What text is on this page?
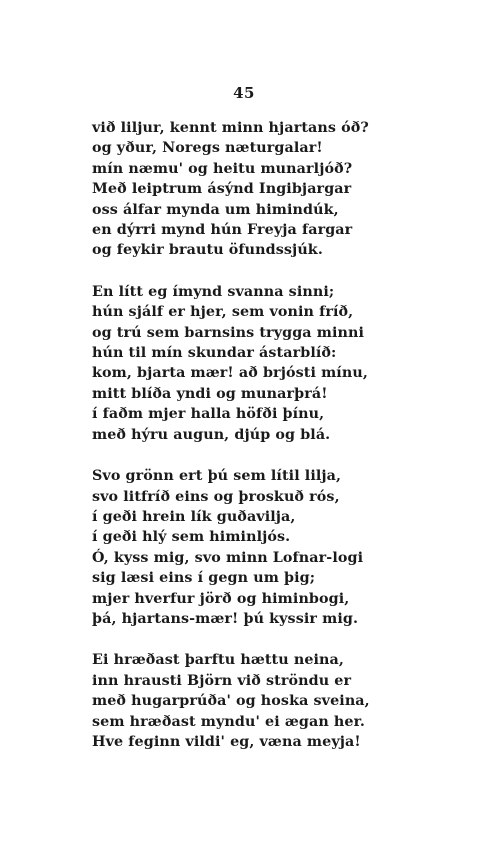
45
við liljur, kennt minn hjartans óð?
og yður, Noregs næturgalar!
mín næmu' og heitu munarljóð?
Með leiptrum ásýnd Ingibjargar
oss álfar mynda um himindúk,
en dýrri mynd hún Freyja fargar
og feykir brautu öfundssjúk.
En lítt eg ímynd svanna sinni;
hún sjálf er hjer, sem vonin fríð,
og trú sem barnsins trygga minni
hún til mín skundar ástarblíð:
kom, bjarta mær! að brjósti mínu,
mitt blíða yndi og munarþrá!
í faðm mjer halla höfði þínu,
með hýru augun, djúp og blá.
Svo grönn ert þú sem lítil lilja,
svo litfríð eins og þroskuð rós,
í geði hrein lík guðavilja,
í geði hlý sem himinljós.
Ó, kyss mig, svo minn Lofnar-logi
sig læsi eins í gegn um þig;
mjer hverfur jörð og himinbogi,
þá, hjartans-mær! þú kyssir mig.
Ei hræðast þarftu hættu neina,
inn hrausti Björn við ströndu er
með hugarprúða' og hoska sveina,
sem hræðast myndu' ei ægan her.
Hve feginn vildi' eg, væna meyja!
